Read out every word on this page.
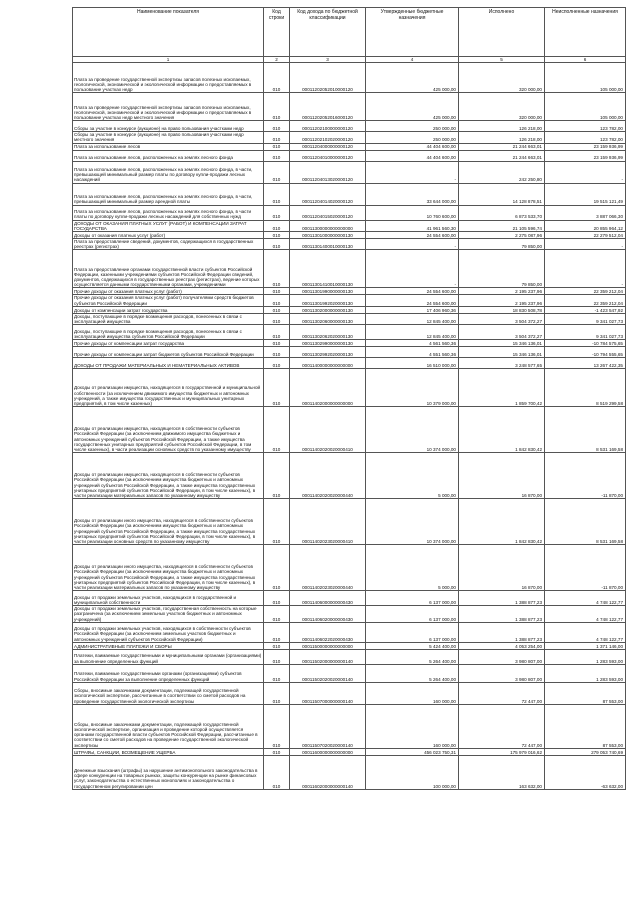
Наименование показателя	Код строки	Код дохода по бюджетной классификации	Утвержденные бюджетные назначения	Исполнено	Неисполненные назначения
1	2	3	4	5	6
Плата за проведение государственной экспертизы запасов полезных ископаемых, геологической, экономической и экологической информации о предоставляемых в пользование участках недр	010	00011202052010000120	425 000,00	320 000,00	105 000,00
Плата за проведение государственной экспертизы запасов полезных ископаемых, геологической, экономической и экологической информации о предоставляемых в пользование участках недр местного значения	010	00011202052016000120	425 000,00	320 000,00	105 000,00
Сборы за участие в конкурсе (аукционе) на право пользования участками недр	010	00011202100000000120	250 000,00	126 218,00	123 782,00
Сборы за участие в конкурсе (аукционе) на право пользования участками недр местного значения	010	00011202102020000120	250 000,00	126 218,00	123 782,00
Плата за использование лесов	010	00011204000000000120	44 404 600,00	21 244 663,01	23 159 936,99
Плата за использование лесов, расположенных на землях лесного фонда	010	00011204010000000120	44 404 600,00	21 244 663,01	23 159 936,99
Плата за использование лесов, расположенных на землях лесного фонда, в части, превышающей минимальный размер платы по договору купли-продажи лесных насаждений	010	00011204013020000120	-	242 250,80	-
Плата за использование лесов, расположенных на землях лесного фонда, в части, превышающей минимальный размер арендной платы	010	00011204014020000120	33 644 000,00	14 128 878,51	19 515 121,49
Плата за использование лесов, расположенных на землях лесного фонда, в части платы по договору купли-продажи лесных насаждений для собственных нужд	010	00011204015020000120	10 760 600,00	6 873 533,70	3 887 066,30
ДОХОДЫ ОТ ОКАЗАНИЯ ПЛАТНЫХ УСЛУГ (РАБОТ) И КОМПЕНСАЦИИ ЗАТРАТ ГОСУДАРСТВА	010	00011300000000000000	41 961 560,30	21 105 596,74	20 855 964,12
Доходы от оказания платных услуг (работ)	010	00011301000000000130	24 554 600,00	2 275 087,96	22 279 512,04
Плата за предоставление сведений, документов, содержащихся в государственных реестрах (регистрах)	010	00011301400010000130	-	79 850,00	-
Плата за предоставление органами государственной власти субъектов Российской Федерации, казенными учреждениями субъектов Российской Федерации сведений, документов, содержащихся в государственных реестрах (регистрах), ведение которых осуществляется данными государственными органами, учреждениями	010	00011301410010000130	-	79 850,00	-
Прочие доходы от оказания платных услуг (работ)	010	00011301990000000130	24 554 600,00	2 195 237,96	22 359 212,04
Прочие доходы от оказания платных услуг (работ) получателями средств бюджетов субъектов Российской Федерации	010	00011301992020000130	24 554 600,00	2 195 237,96	22 359 212,04
Доходы от компенсации затрат государства	010	00011302000000000130	17 406 960,36	18 830 508,78	-1 423 547,92
Доходы, поступающие в порядке возмещения расходов, понесенных в связи с эксплуатацией имущества	010	00011302060000000130	12 845 400,00	3 504 372,27	9 341 027,73
Доходы, поступающие в порядке возмещения расходов, понесенных в связи с эксплуатацией имущества субъектов Российской Федерации	010	00011302062020000130	12 845 400,00	3 504 372,27	9 341 027,73
Прочие доходы от компенсации затрат государства	010	00011302990000000130	4 561 560,36	15 346 136,01	-10 784 575,65
Прочие доходы от компенсации затрат бюджетов субъектов Российской Федерации	010	00011302992020000130	4 551 560,36	15 346 136,01	-10 794 555,65
ДОХОДЫ ОТ ПРОДАЖИ МАТЕРИАЛЬНЫХ И НЕМАТЕРИАЛЬНЫХ АКТИВОВ	010	00011400000000000000	16 510 000,00	3 248 577,65	13 267 422,35
Доходы от реализации имущества, находящегося в государственной и муниципальной собственности (за исключением движимого имущества бюджетных и автономных учреждений, а также имущества государственных и муниципальных унитарных предприятий, в том числе казенных)	010	00011402000000000000	10 379 000,00	1 859 700,42	8 519 299,58
Доходы от реализации имущества, находящегося в собственности субъектов Российской Федерации (за исключением движимого имущества бюджетных и автономных учреждений субъектов Российской Федерации, а также имущества государственных унитарных предприятий субъектов Российской Федерации, в том числе казенных), в части реализации основных средств по указанному имуществу	010	00011402020020000410	10 374 000,00	1 842 830,42	8 531 169,58
Доходы от реализации имущества, находящегося в собственности субъектов Российской Федерации (за исключением имущества бюджетных и автономных учреждений субъектов Российской Федерации, а также имущества государственных унитарных предприятий субъектов Российской Федерации, в том числе казенных), в части реализации материальных запасов по указанному имуществу	010	00011402020020000440	5 000,00	16 870,00	-11 870,00
Доходы от реализации иного имущества, находящегося в собственности субъектов Российской Федерации (за исключением имущества бюджетных и автономных учреждений субъектов Российской Федерации, а также имущества государственных унитарных предприятий субъектов Российской Федерации, в том числе казенных), в части реализации основных средств по указанному имуществу	010	00011402023020000410	10 374 000,00	1 842 830,42	8 531 169,58
Доходы от реализации иного имущества, находящегося в собственности субъектов Российской Федерации (за исключением имущества бюджетных и автономных учреждений субъектов Российской Федерации, а также имущества государственных унитарных предприятий субъектов Российской Федерации, в том числе казенных), в части реализации материальных запасов по указанному имуществу	010	00011402023020000440	5 000,00	16 870,00	-11 870,00
Доходы от продажи земельных участков, находящихся в государственной и муниципальной собственности	010	00011406000000000430	6 137 000,00	1 388 877,23	4 748 122,77
Доходы от продажи земельных участков, государственная собственность на которые разграничена (за исключением земельных участков бюджетных и автономных учреждений)	010	00011406020000000430	6 137 000,00	1 388 877,23	4 748 122,77
Доходы от продажи земельных участков, находящихся в собственности субъектов Российской Федерации (за исключением земельных участков бюджетных и автономных учреждений субъектов Российской Федерации)	010	00011406022020000430	6 137 000,00	1 388 877,23	4 748 122,77
АДМИНИСТРАТИВНЫЕ ПЛАТЕЖИ И СБОРЫ	010	00011500000000000000	5 424 400,00	4 053 254,00	1 371 146,00
Платежи, взимаемые государственными и муниципальными органами (организациями) за выполнение определенных функций	010	00011502000000000140	5 264 400,00	3 980 807,00	1 283 593,00
Платежи, взимаемые государственными органами (организациями) субъектов Российской Федерации за выполнение определенных функций	010	00011502020020000140	5 264 400,00	3 980 807,00	1 283 593,00
Сборы, вносимые заказчиками документации, подлежащей государственной экологической экспертизе, рассчитанные в соответствии со сметой расходов на проведение государственной экологической экспертизы	010	00011507000000000140	160 000,00	72 447,00	87 553,00
Сборы, вносимые заказчиками документации, подлежащей государственной экологической экспертизе, организация и проведение которой осуществляется органами государственной власти субъектов Российской Федерации, рассчитанные в соответствии со сметой расходов на проведение государственной экологической экспертизы	010	00011507020020000140	160 000,00	72 447,00	87 553,00
ШТРАФЫ, САНКЦИИ, ВОЗМЕЩЕНИЕ УЩЕРБА	010	00011600000000000000	456 023 750,31	175 979 016,62	279 053 740,69
Денежные взыскания (штрафы) за нарушение антимонопольного законодательства в сфере конкуренции на товарных рынках, защиты конкуренции на рынке финансовых услуг, законодательства о естественных монополиях и законодательства о государственном регулировании цен	010	00011602000000000140	100 000,00	163 632,00	-63 632,00
